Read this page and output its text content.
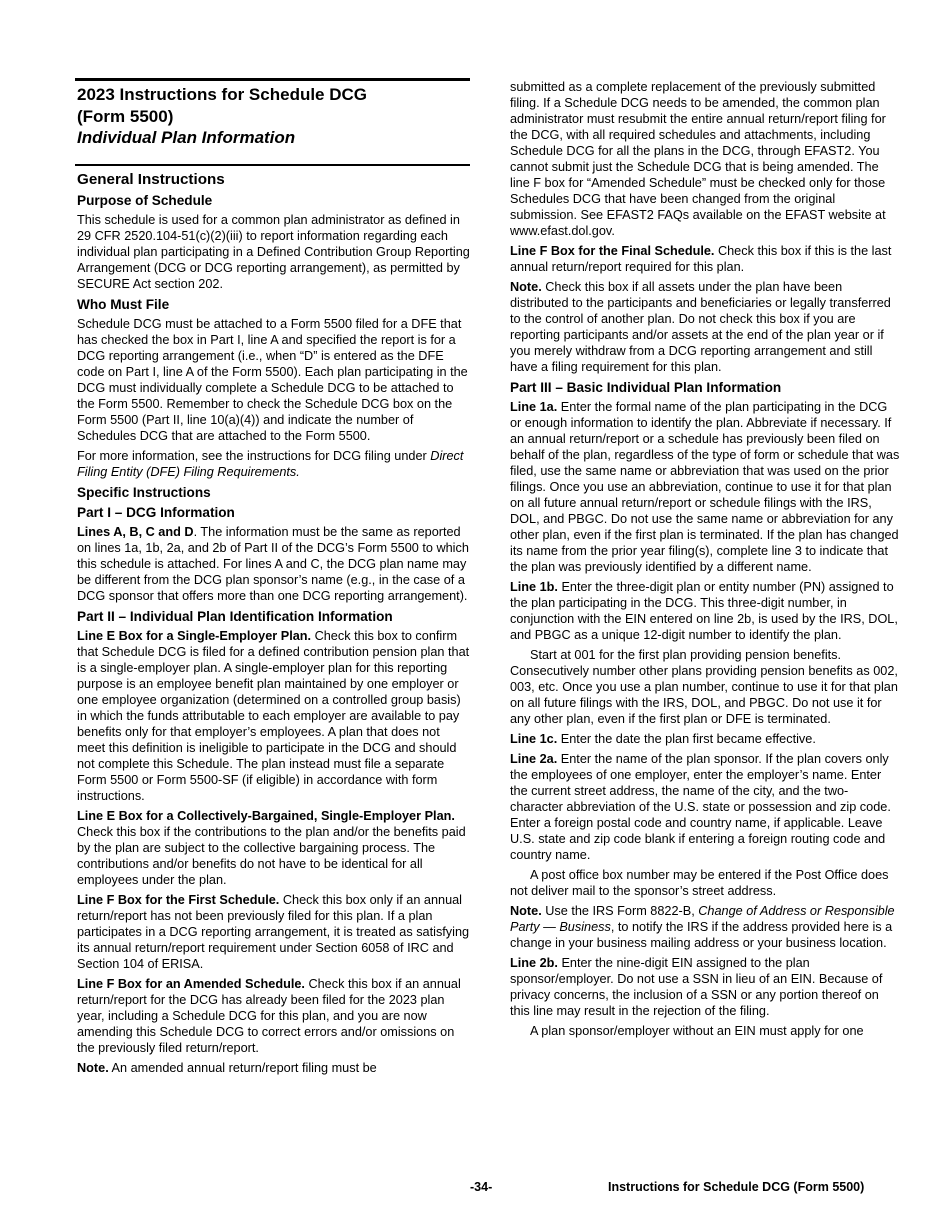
2023 Instructions for Schedule DCG
(Form 5500)
Individual Plan Information
General Instructions
Purpose of Schedule

This schedule is used for a common plan administrator as defined in 29 CFR 2520.104-51(c)(2)(iii) to report information regarding each individual plan participating in a Defined Contribution Group Reporting Arrangement (DCG or DCG reporting arrangement), as permitted by SECURE Act section 202.

Who Must File

Schedule DCG must be attached to a Form 5500 filed for a DFE that has checked the box in Part I, line A and specified the report is for a DCG reporting arrangement (i.e., when “D” is entered as the DFE code on Part I, line A of the Form 5500). Each plan participating in the DCG must individually complete a Schedule DCG to be attached to the Form 5500. Remember to check the Schedule DCG box on the Form 5500 (Part II, line 10(a)(4)) and indicate the number of Schedules DCG that are attached to the Form 5500.

For more information, see the instructions for DCG filing under Direct Filing Entity (DFE) Filing Requirements.

Specific Instructions
Part I – DCG Information

Lines A, B, C and D. The information must be the same as reported on lines 1a, 1b, 2a, and 2b of Part II of the DCG’s Form 5500 to which this schedule is attached. For lines A and C, the DCG plan name may be different from the DCG plan sponsor’s name (e.g., in the case of a DCG sponsor that offers more than one DCG reporting arrangement).

Part II – Individual Plan Identification Information

Line E Box for a Single-Employer Plan. Check this box to confirm that Schedule DCG is filed for a defined contribution pension plan that is a single-employer plan. A single-employer plan for this reporting purpose is an employee benefit plan maintained by one employer or one employee organization (determined on a controlled group basis) in which the funds attributable to each employer are available to pay benefits only for that employer’s employees. A plan that does not meet this definition is ineligible to participate in the DCG and should not complete this Schedule. The plan instead must file a separate Form 5500 or Form 5500-SF (if eligible) in accordance with form instructions.

Line E Box for a Collectively-Bargained, Single-Employer Plan. Check this box if the contributions to the plan and/or the benefits paid by the plan are subject to the collective bargaining process. The contributions and/or benefits do not have to be identical for all employees under the plan.

Line F Box for the First Schedule. Check this box only if an annual return/report has not been previously filed for this plan. If a plan participates in a DCG reporting arrangement, it is treated as satisfying its annual return/report requirement under Section 6058 of IRC and Section 104 of ERISA.

Line F Box for an Amended Schedule. Check this box if an annual return/report for the DCG has already been filed for the 2023 plan year, including a Schedule DCG for this plan, and you are now amending this Schedule DCG to correct errors and/or omissions on the previously filed return/report.

Note. An amended annual return/report filing must be

submitted as a complete replacement of the previously submitted filing. If a Schedule DCG needs to be amended, the common plan administrator must resubmit the entire annual return/report filing for the DCG, with all required schedules and attachments, including Schedule DCG for all the plans in the DCG, through EFAST2. You cannot submit just the Schedule DCG that is being amended. The line F box for “Amended Schedule” must be checked only for those Schedules DCG that have been changed from the original submission. See EFAST2 FAQs available on the EFAST website at www.efast.dol.gov.

Line F Box for the Final Schedule. Check this box if this is the last annual return/report required for this plan.

Note. Check this box if all assets under the plan have been distributed to the participants and beneficiaries or legally transferred to the control of another plan. Do not check this box if you are reporting participants and/or assets at the end of the plan year or if you merely withdraw from a DCG reporting arrangement and still have a filing requirement for this plan.

Part III – Basic Individual Plan Information

Line 1a. Enter the formal name of the plan participating in the DCG or enough information to identify the plan. Abbreviate if necessary. If an annual return/report or a schedule has previously been filed on behalf of the plan, regardless of the type of form or schedule that was filed, use the same name or abbreviation that was used on the prior filings. Once you use an abbreviation, continue to use it for that plan on all future annual return/report or schedule filings with the IRS, DOL, and PBGC. Do not use the same name or abbreviation for any other plan, even if the first plan is terminated. If the plan has changed its name from the prior year filing(s), complete line 3 to indicate that the plan was previously identified by a different name.

Line 1b. Enter the three-digit plan or entity number (PN) assigned to the plan participating in the DCG. This three-digit number, in conjunction with the EIN entered on line 2b, is used by the IRS, DOL, and PBGC as a unique 12-digit number to identify the plan.

Start at 001 for the first plan providing pension benefits. Consecutively number other plans providing pension benefits as 002, 003, etc. Once you use a plan number, continue to use it for that plan on all future filings with the IRS, DOL, and PBGC. Do not use it for any other plan, even if the first plan or DFE is terminated.

Line 1c. Enter the date the plan first became effective.

Line 2a. Enter the name of the plan sponsor. If the plan covers only the employees of one employer, enter the employer’s name. Enter the current street address, the name of the city, and the two-character abbreviation of the U.S. state or possession and zip code. Enter a foreign postal code and country name, if applicable. Leave U.S. state and zip code blank if entering a foreign routing code and country name.

A post office box number may be entered if the Post Office does not deliver mail to the sponsor’s street address.

Note. Use the IRS Form 8822-B, Change of Address or Responsible Party — Business, to notify the IRS if the address provided here is a change in your business mailing address or your business location.

Line 2b. Enter the nine-digit EIN assigned to the plan sponsor/employer. Do not use a SSN in lieu of an EIN. Because of privacy concerns, the inclusion of a SSN or any portion thereof on this line may result in the rejection of the filing.

A plan sponsor/employer without an EIN must apply for one

-34-	Instructions for Schedule DCG (Form 5500)
